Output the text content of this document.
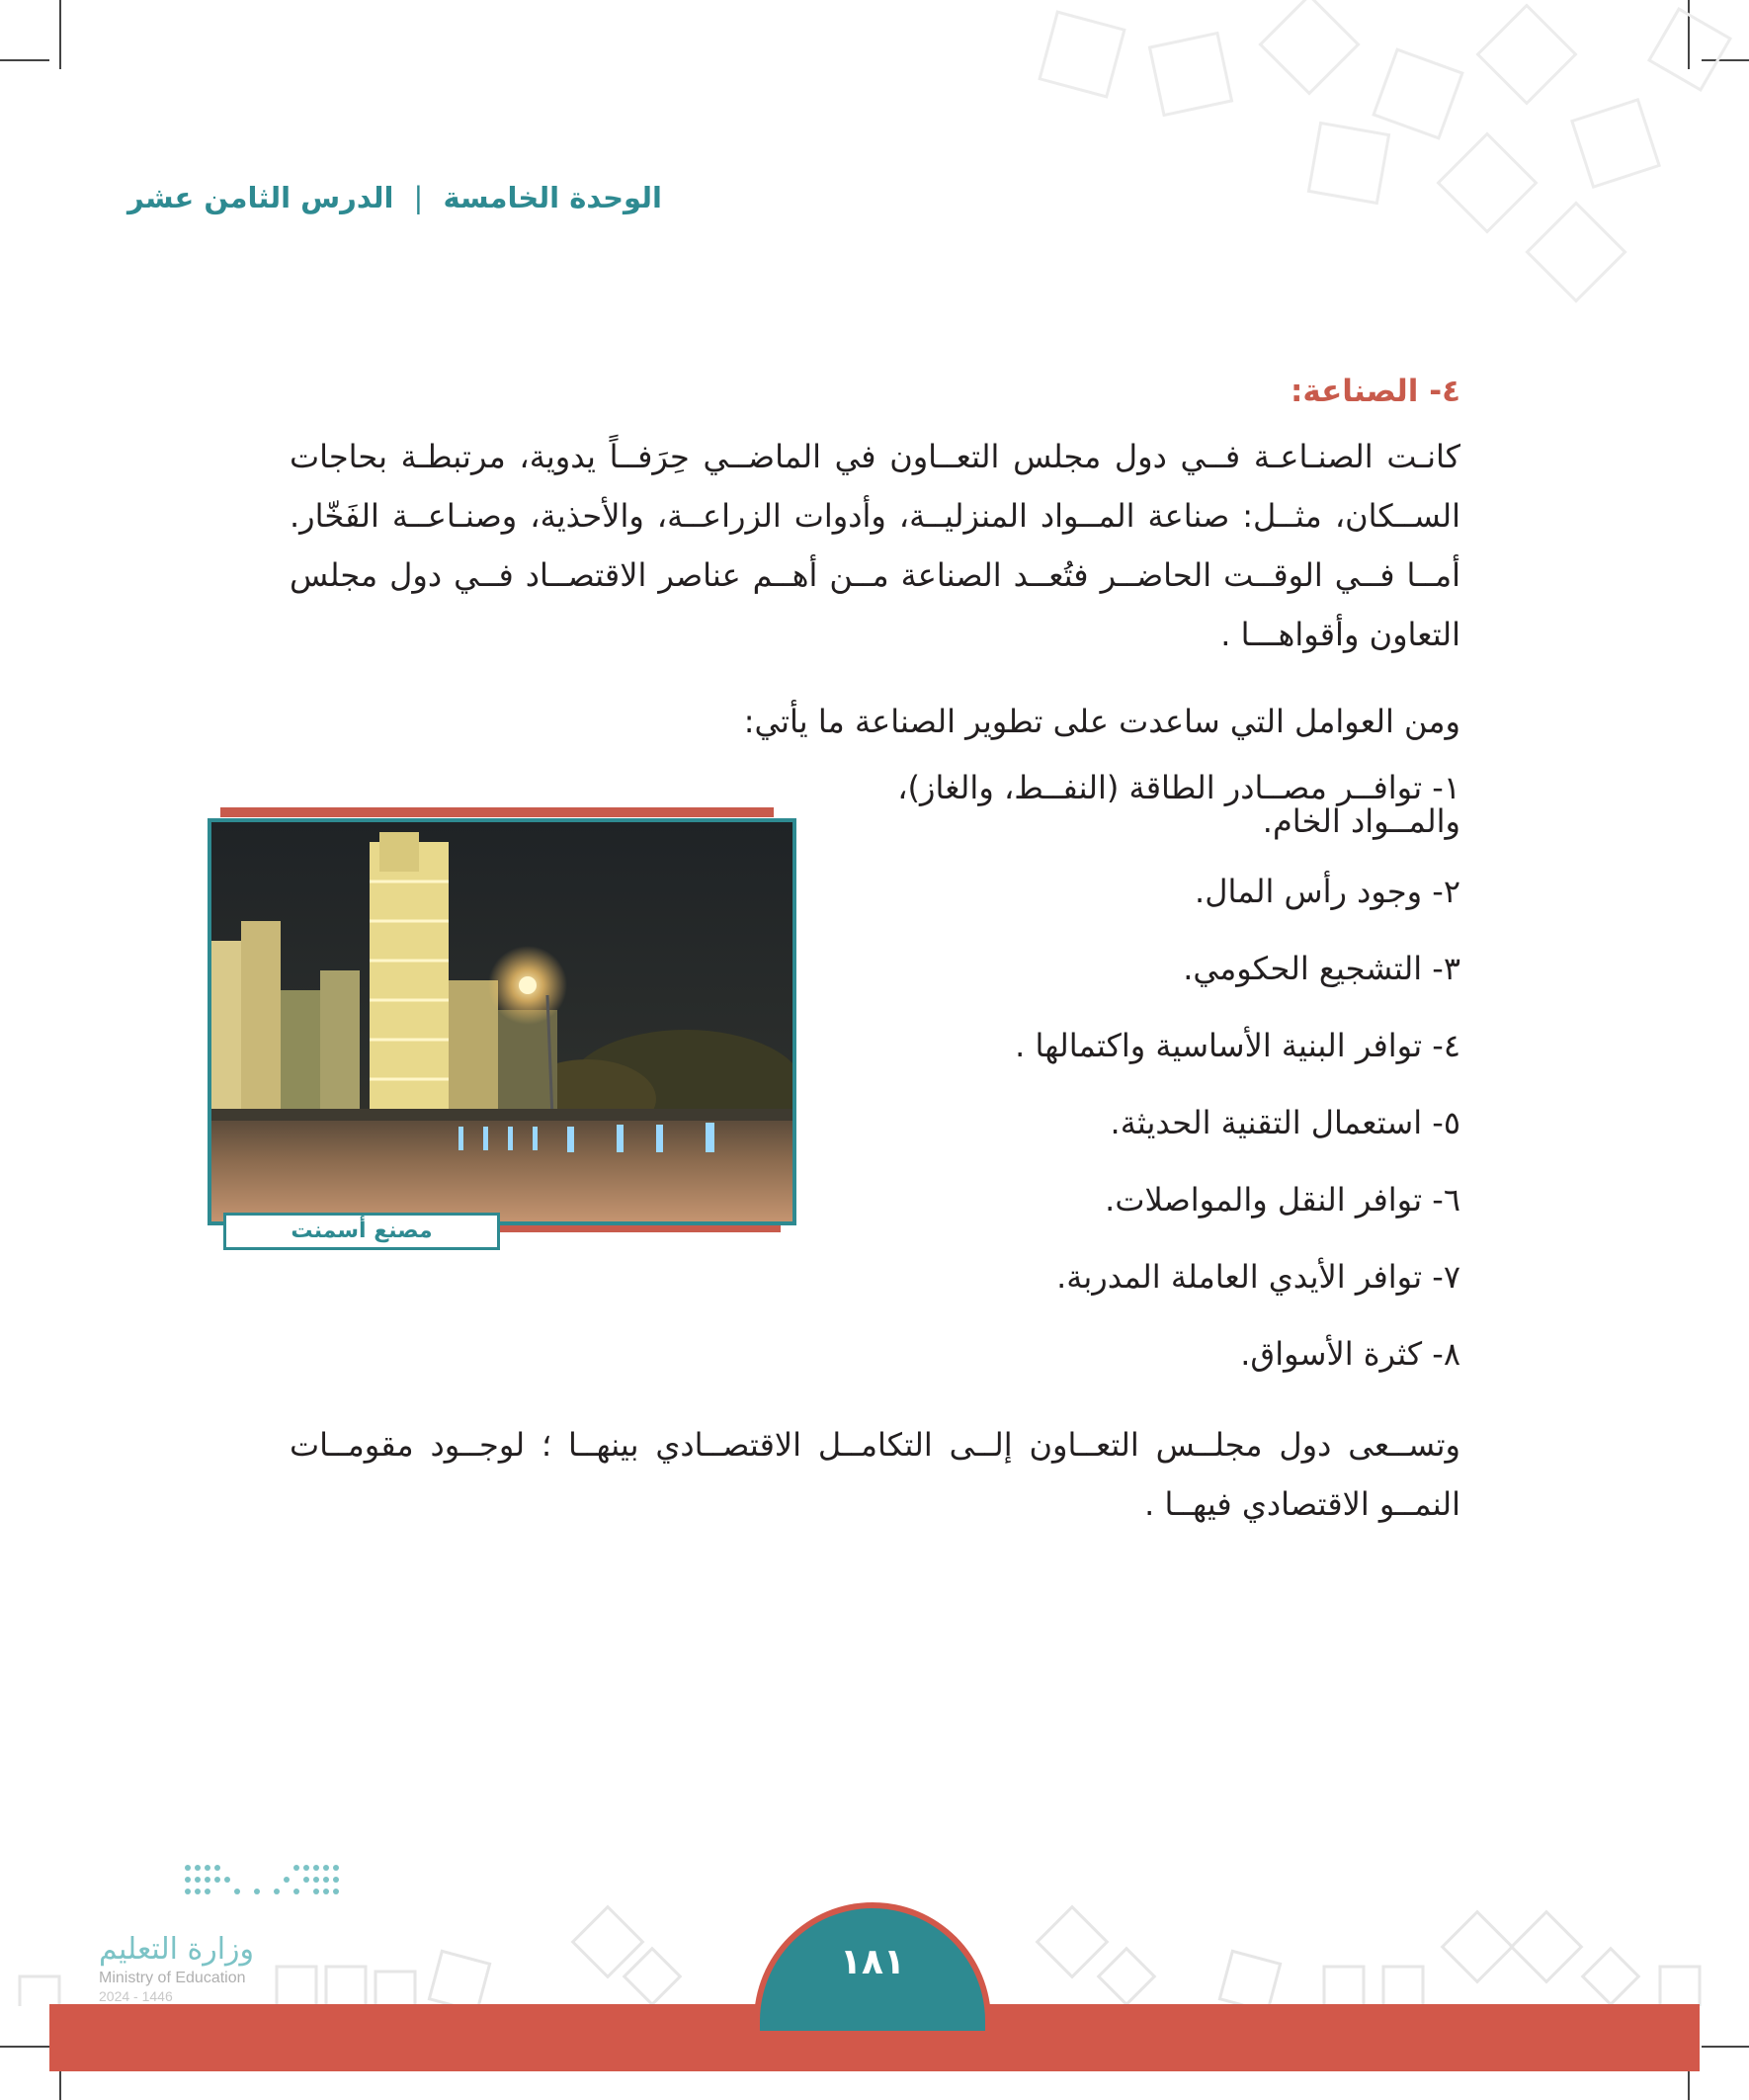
الوحدة الخامسة | الدرس الثامن عشر
٤- الصناعة:
كانـت الصنـاعـة فــي دول مجلس التعــاون في الماضــي حِرَفــاً يدوية، مرتبطـة بحاجات الســكان، مثــل: صناعة المــواد المنزليــة، وأدوات الزراعــة، والأحذية، وصنـاعــة الفَخّار. أمــا فــي الوقــت الحاضــر فتُعــد الصناعة مــن أهــم عناصر الاقتصــاد فــي دول مجلس التعاون وأقواهـــا .
ومن العوامل التي ساعدت على تطوير الصناعة ما يأتي:
١- توافــر مصــادر الطاقة (النفــط، والغاز)، والمــواد الخام.
٢- وجود رأس المال.
٣- التشجيع الحكومي.
٤- توافر البنية الأساسية واكتمالها .
٥- استعمال التقنية الحديثة.
٦- توافر النقل والمواصلات.
٧- توافر الأيدي العاملة المدربة.
٨- كثرة الأسواق.
مصنع أسمنت
وتســعى دول مجلــس التعــاون إلــى التكامــل الاقتصــادي بينهــا ؛ لوجــود مقومــات النمــو الاقتصادي فيهــا .
وزارة التعليم
Ministry of Education
2024 - 1446
١٨١
